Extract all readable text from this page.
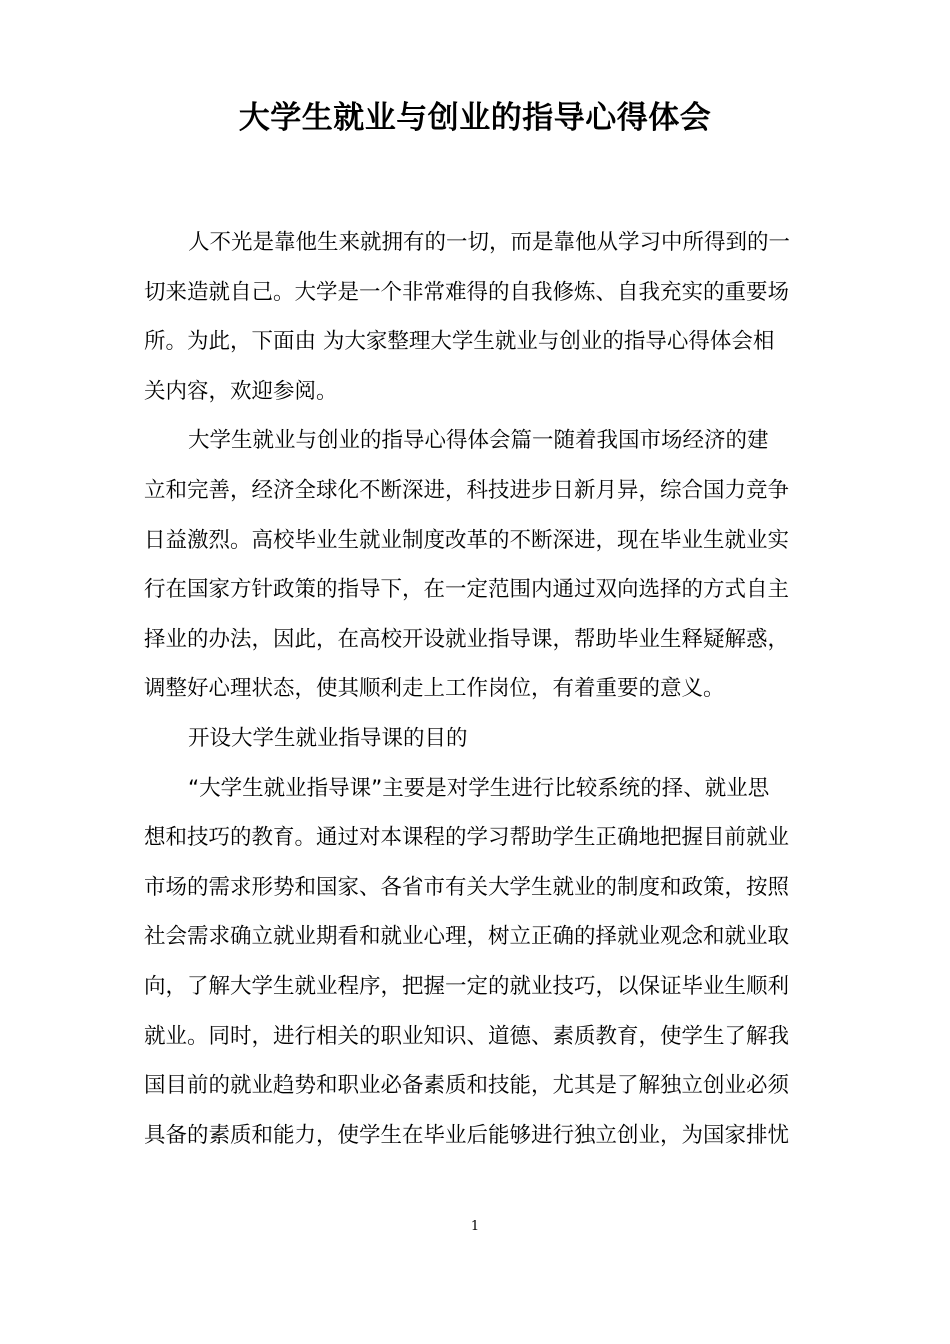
大学生就业与创业的指导心得体会

人不光是靠他生来就拥有的一切，而是靠他从学习中所得到的一
切来造就自己。大学是一个非常难得的自我修炼、自我充实的重要场
所。为此，下面由 为大家整理大学生就业与创业的指导心得体会相
关内容，欢迎参阅。

大学生就业与创业的指导心得体会篇一随着我国市场经济的建
立和完善，经济全球化不断深进，科技进步日新月异，综合国力竞争
日益激烈。高校毕业生就业制度改革的不断深进，现在毕业生就业实
行在国家方针政策的指导下，在一定范围内通过双向选择的方式自主
择业的办法，因此，在高校开设就业指导课，帮助毕业生释疑解惑，
调整好心理状态，使其顺利走上工作岗位，有着重要的意义。

开设大学生就业指导课的目的

“大学生就业指导课”主要是对学生进行比较系统的择、就业思
想和技巧的教育。通过对本课程的学习帮助学生正确地把握目前就业
市场的需求形势和国家、各省市有关大学生就业的制度和政策，按照
社会需求确立就业期看和就业心理，树立正确的择就业观念和就业取
向，了解大学生就业程序，把握一定的就业技巧，以保证毕业生顺利
就业。同时，进行相关的职业知识、道德、素质教育，使学生了解我
国目前的就业趋势和职业必备素质和技能，尤其是了解独立创业必须
具备的素质和能力，使学生在毕业后能够进行独立创业，为国家排忧

1
